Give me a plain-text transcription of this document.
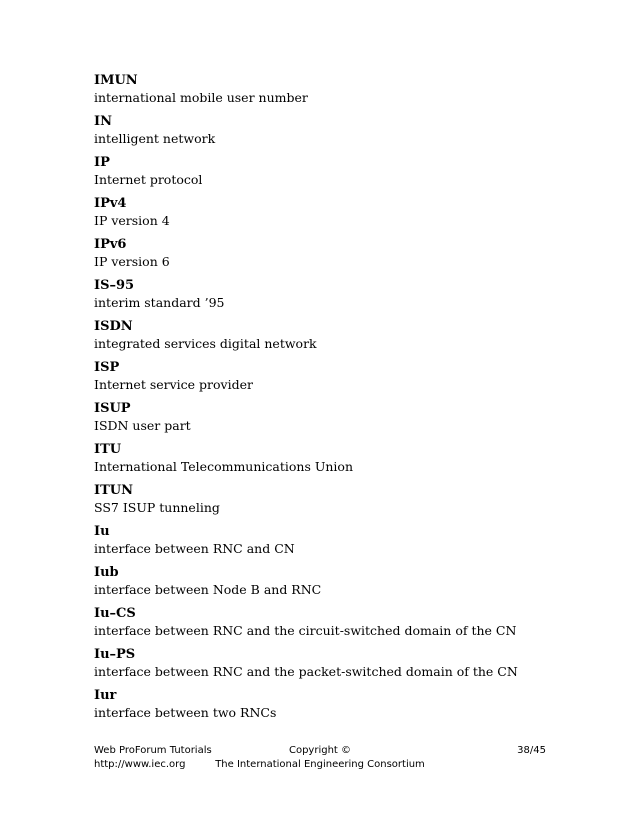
IMUN
international mobile user number
IN
intelligent network
IP
Internet protocol
IPv4
IP version 4
IPv6
IP version 6
IS–95
interim standard ’95
ISDN
integrated services digital network
ISP
Internet service provider
ISUP
ISDN user part
ITU
International Telecommunications Union
ITUN
SS7 ISUP tunneling
Iu
interface between RNC and CN
Iub
interface between Node B and RNC
Iu–CS
interface between RNC and the circuit-switched domain of the CN
Iu–PS
interface between RNC and the packet-switched domain of the CN
Iur
interface between two RNCs
Web ProForum Tutorials
http://www.iec.org
Copyright ©
The International Engineering Consortium
38/45
